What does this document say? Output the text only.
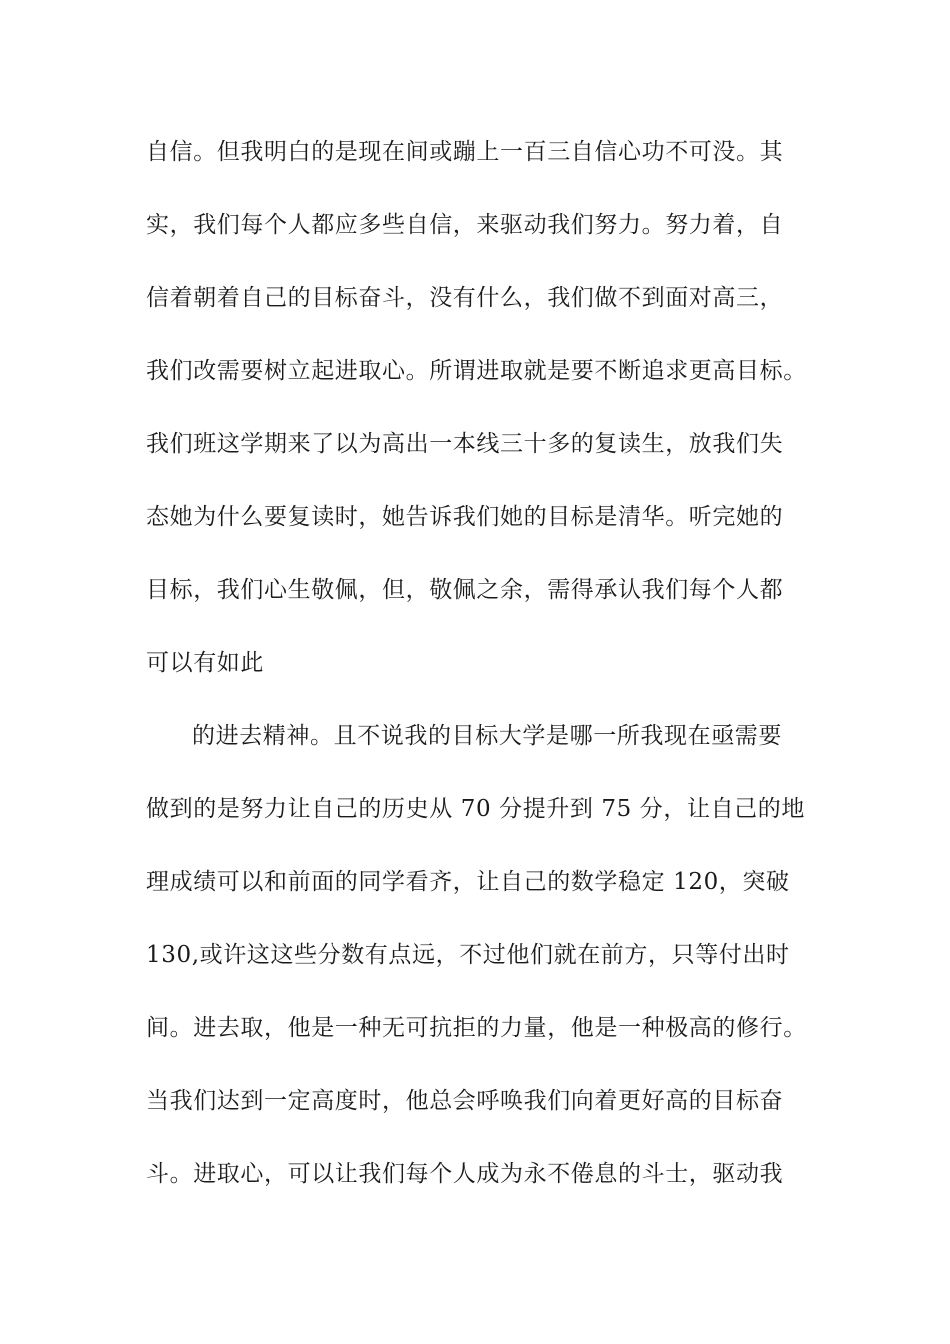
自信。但我明白的是现在间或蹦上一百三自信心功不可没。其
实，我们每个人都应多些自信，来驱动我们努力。努力着，自
信着朝着自己的目标奋斗，没有什么，我们做不到面对高三，
我们改需要树立起进取心。所谓进取就是要不断追求更高目标。
我们班这学期来了以为高出一本线三十多的复读生，放我们失
态她为什么要复读时，她告诉我们她的目标是清华。听完她的
目标，我们心生敬佩，但，敬佩之余，需得承认我们每个人都
可以有如此
的进去精神。且不说我的目标大学是哪一所我现在亟需要
做到的是努力让自己的历史从 70 分提升到 75 分，让自己的地
理成绩可以和前面的同学看齐，让自己的数学稳定 120，突破
130,或许这这些分数有点远，不过他们就在前方，只等付出时
间。进去取，他是一种无可抗拒的力量，他是一种极高的修行。
当我们达到一定高度时，他总会呼唤我们向着更好高的目标奋
斗。进取心，可以让我们每个人成为永不倦息的斗士，驱动我
